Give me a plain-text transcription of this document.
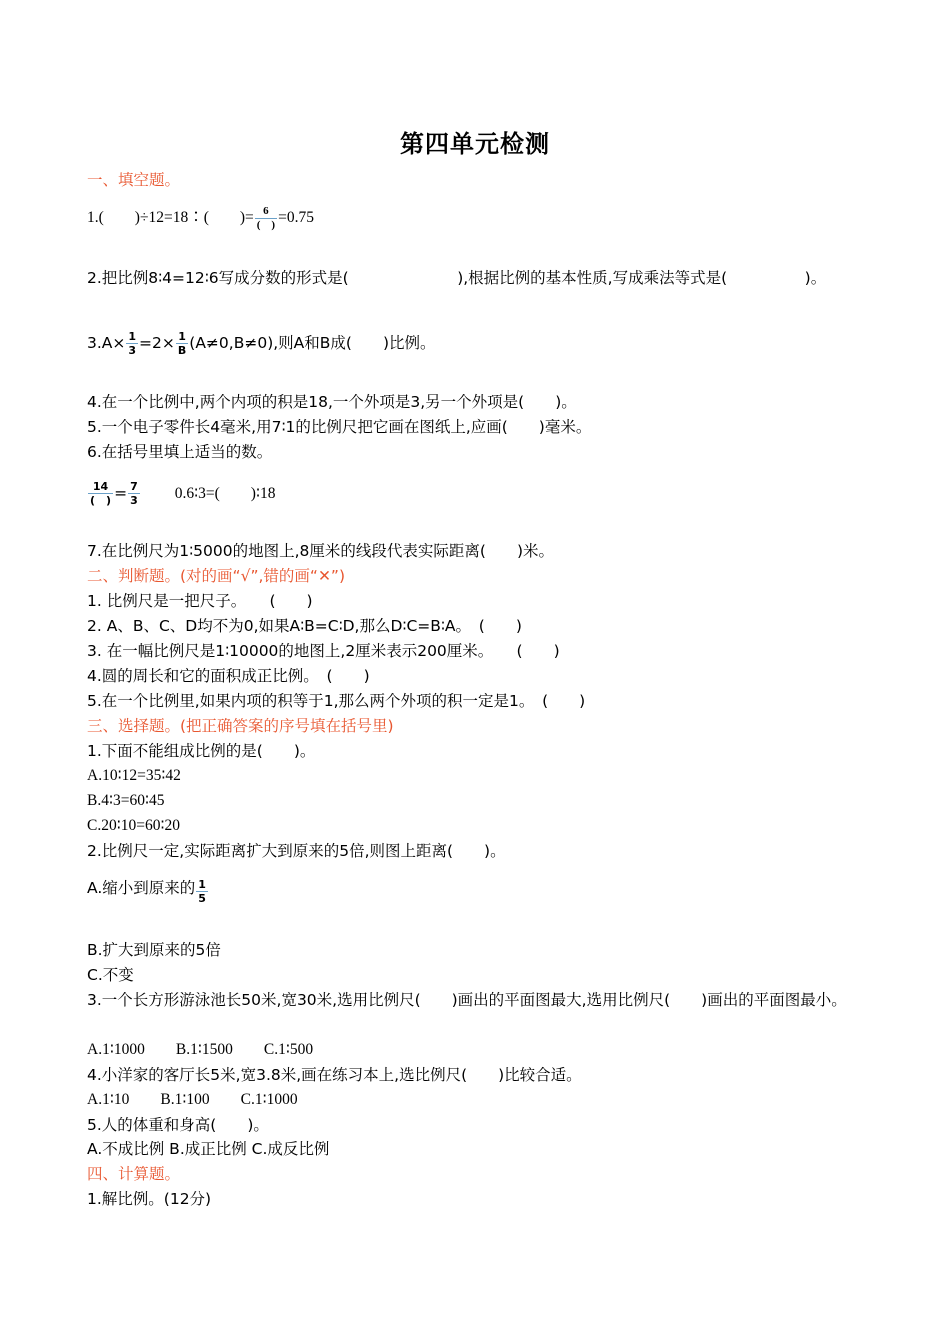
第四单元检测
一、填空题。
1.(　　)÷12=18∶(　　)= $\frac{6}{( )} =0.75$
2.把比例8∶4=12∶6写成分数的形式是(　　　　　　　),根据比例的基本性质,写成乘法等式是(　　　　　)。
$3.A\times \frac{1}{3} =2\times \frac{1}{B} (A\ne 0,B\ne 0)$,则A和B成(　　)比例。
4.在一个比例中,两个内项的积是18,一个外项是3,另一个外项是(　　)。
5.一个电子零件长4毫米,用7∶1的比例尺把它画在图纸上,应画(　　)毫米。
6.在括号里填上适当的数。
$\frac{14}{( )} = \frac{7}{3}$ 0.6∶3=(　　)∶18
7.在比例尺为1∶5000的地图上,8厘米的线段代表实际距离(　　)米。
二、判断题。(对的画“√”,错的画“✕”)
1. 比例尺是一把尺子。　　(　　)
2. A、B、C、D均不为0,如果A∶B=C∶D,那么D∶C=B∶A。　(　　)
3. 在一幅比例尺是1∶10000的地图上,2厘米表示200厘米。　　(　　)
4.圆的周长和它的面积成正比例。　(　　)
5.在一个比例里,如果内项的积等于1,那么两个外项的积一定是1。　(　　)
三、选择题。(把正确答案的序号填在括号里)
1.下面不能组成比例的是(　　)。
A.10∶12=35∶42
B.4∶3=60∶45
C.20∶10=60∶20
2.比例尺一定,实际距离扩大到原来的5倍,则图上距离(　　)。
A.缩小到原来的 $\frac{1}{5}$
B.扩大到原来的5倍
C.不变
3.一个长方形游泳池长50米,宽30米,选用比例尺(　　)画出的平面图最大,选用比例尺(　　)画出的平面图最小。
A.1∶1000　　B.1∶1500　　C.1∶500
4.小洋家的客厅长5米,宽3.8米,画在练习本上,选比例尺(　　)比较合适。
A.1∶10　　B.1∶100　　C.1∶1000
5.人的体重和身高(　　)。
A.不成比例 B.成正比例 C.成反比例
四、计算题。
1.解比例。(12分)
